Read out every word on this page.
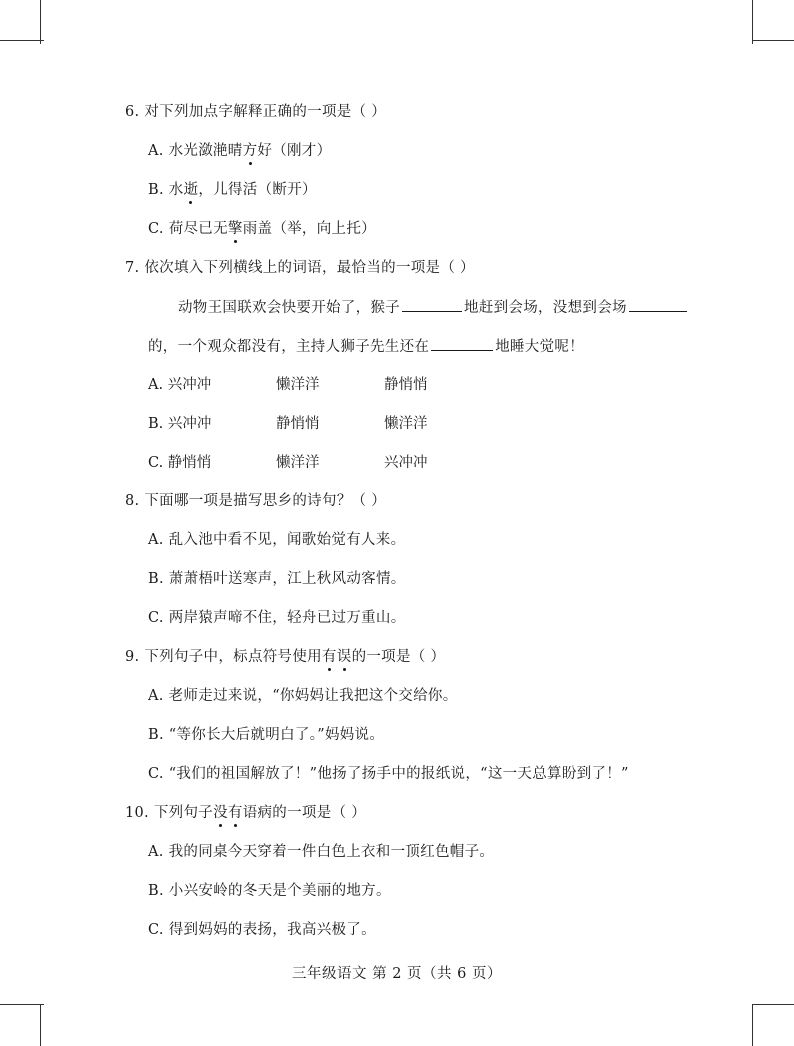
6. 对下列加点字解释正确的一项是（ ）
A. 水光潋滟晴方好（刚才）
B. 水逝，儿得活（断开）
C. 荷尽已无擎雨盖（举，向上托）
7. 依次填入下列横线上的词语，最恰当的一项是（ ）
动物王国联欢会快要开始了，猴子	地赶到会场，没想到会场
的，一个观众都没有，主持人狮子先生还在	地睡大觉呢！
A. 兴冲冲	懒洋洋	静悄悄
B. 兴冲冲	静悄悄	懒洋洋
C. 静悄悄	懒洋洋	兴冲冲
8. 下面哪一项是描写思乡的诗句？（ ）
A. 乱入池中看不见，闻歌始觉有人来。
B. 萧萧梧叶送寒声，江上秋风动客情。
C. 两岸猿声啼不住，轻舟已过万重山。
9. 下列句子中，标点符号使用有误的一项是（ ）
A. 老师走过来说，“你妈妈让我把这个交给你。
B. “等你长大后就明白了。”妈妈说。
C. “我们的祖国解放了！”他扬了扬手中的报纸说，“这一天总算盼到了！”
10. 下列句子没有语病的一项是（ ）
A. 我的同桌今天穿着一件白色上衣和一顶红色帽子。
B. 小兴安岭的冬天是个美丽的地方。
C. 得到妈妈的表扬，我高兴极了。
三年级语文 第 2 页（共 6 页）
